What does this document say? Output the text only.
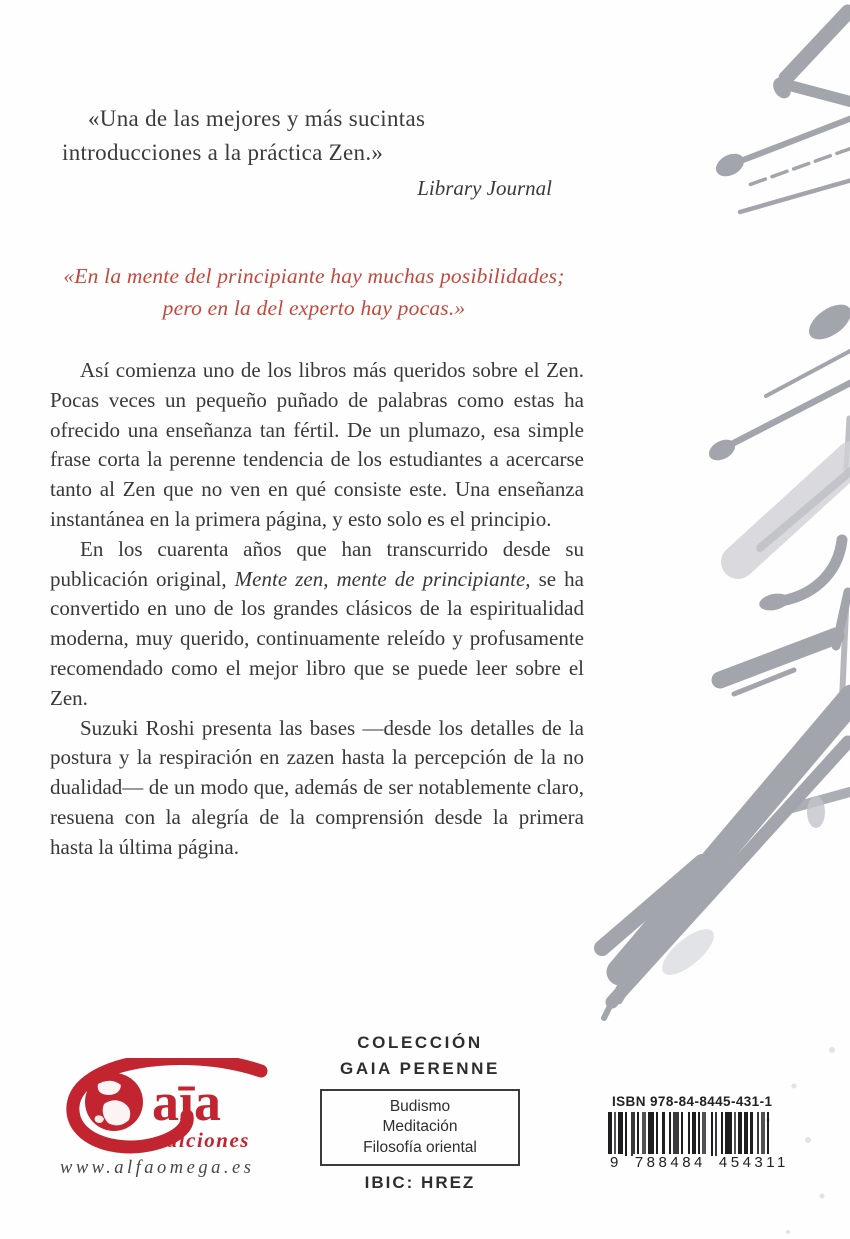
«Una de las mejores y más sucintas introducciones a la práctica Zen.»

Library Journal

«En la mente del principiante hay muchas posibilidades; pero en la del experto hay pocas.»

Así comienza uno de los libros más queridos sobre el Zen. Pocas veces un pequeño puñado de palabras como estas ha ofrecido una enseñanza tan fértil. De un plumazo, esa simple frase corta la perenne tendencia de los estudiantes a acercarse tanto al Zen que no ven en qué consiste este. Una enseñanza instantánea en la primera página, y esto solo es el principio.

En los cuarenta años que han transcurrido desde su publicación original, Mente zen, mente de principiante, se ha convertido en uno de los grandes clásicos de la espiritualidad moderna, muy querido, continuamente releído y profusamente recomendado como el mejor libro que se puede leer sobre el Zen.

Suzuki Roshi presenta las bases —desde los detalles de la postura y la respiración en zazen hasta la percepción de la no dualidad— de un modo que, además de ser notablemente claro, resuena con la alegría de la comprensión desde la primera hasta la última página.

aīa
ediciones
www.alfaomega.es
COLECCIÓN
GAIA PERENNE
Budismo
Meditación
Filosofía oriental
IBIC: HREZ
ISBN 978-84-8445-431-1
9 788484 454311
